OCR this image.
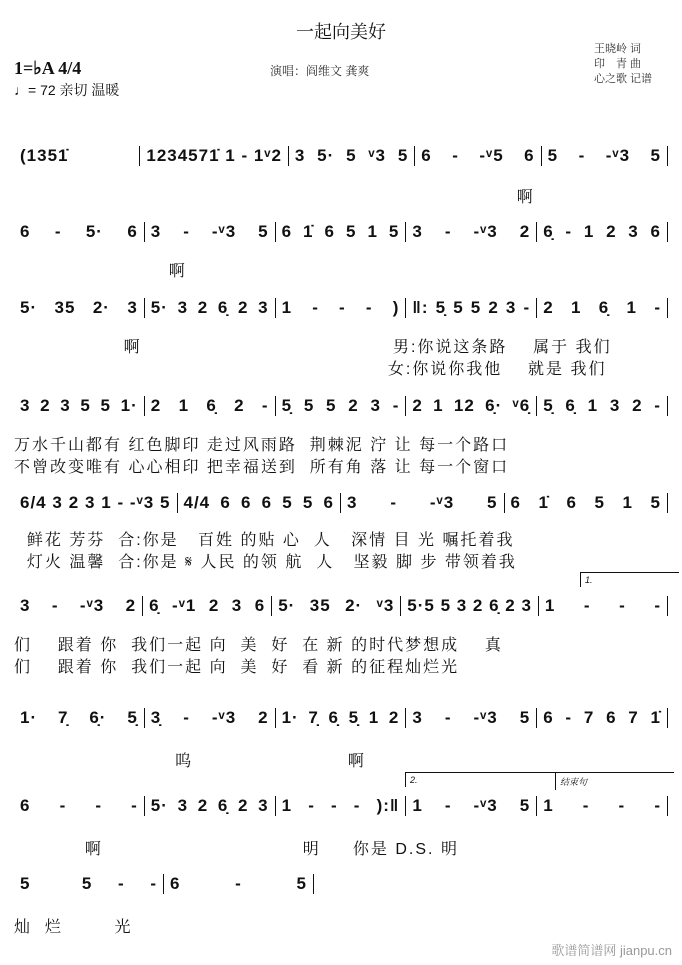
一起向美好
1=♭A 4/4
♩= 72 亲切 温暖
演唱：阎维文 龚爽
王晓岭 词
印　青 曲
心之歌 记谱
(1351̇	1234571̇ 1 - 1ᵛ2 3 5· 5 ᵛ3 5 6 - -ᵛ5 6 5 - -ᵛ3 5
啊
6 - 5· 6 3 - -ᵛ3 5 6 1̇ 6 5 1 5 3 - -ᵛ3 2 6̣ - 1 2 3 6
啊
5· 35 2· 3 5· 3 2 6̣ 2 3 1 - - - ) ‖: 5̣ 5 5 2 3 - 2 1 6̣ 1 -
啊                                       男:你说这条路    属于 我们
女:你说你我他    就是 我们
3 2 3 5 5 1· 2 1 6̣ 2 - 5̣ 5 5 2 3 - 2 1 12 6̣· ᵛ6̣ 5̣ 6̣ 1 3 2 -
万水千山都有 红色脚印 走过风雨路  荆棘泥 泞 让 每一个路口
不曾改变唯有 心心相印 把幸福送到  所有角 落 让 每一个窗口
6/4 3 2 3 1 - -ᵛ3 5 4/4 6 6 6 5 5 6 3 - -ᵛ3 5 6 1̇ 6 5 1 5
鲜花 芳芬  合:你是   百姓 的贴 心  人   深情 目 光 嘱托着我
灯火 温馨  合:你是 𝄋 人民 的领 航  人   坚毅 脚 步 带领着我
3 - -ᵛ3 2 6̣ -ᵛ1 2 3 6 5· 35 2· ᵛ3 5·5 5 3 2 6̣ 2 3 1 - - -
们    跟着 你  我们一起 向  美  好  在 新 的时代梦想成    真
们    跟着 你  我们一起 向  美  好  看 新 的征程灿烂光
1.
1· 7̣ 6̣· 5̣ 3̣ - -ᵛ3 2 1· 7̣ 6̣ 5̣ 1 2 3 - -ᵛ3 5 6 - 7 6 7 1̇
呜                        啊
6 - - - 5· 3 2 6̣ 2 3 1 - - - ):‖ 1 - -ᵛ3 5 1 - - -
啊                               明     你是 D.S. 明
2.	结束句
5  5 - - 6 - 5
灿  烂        光
歌谱简谱网 jianpu.cn
